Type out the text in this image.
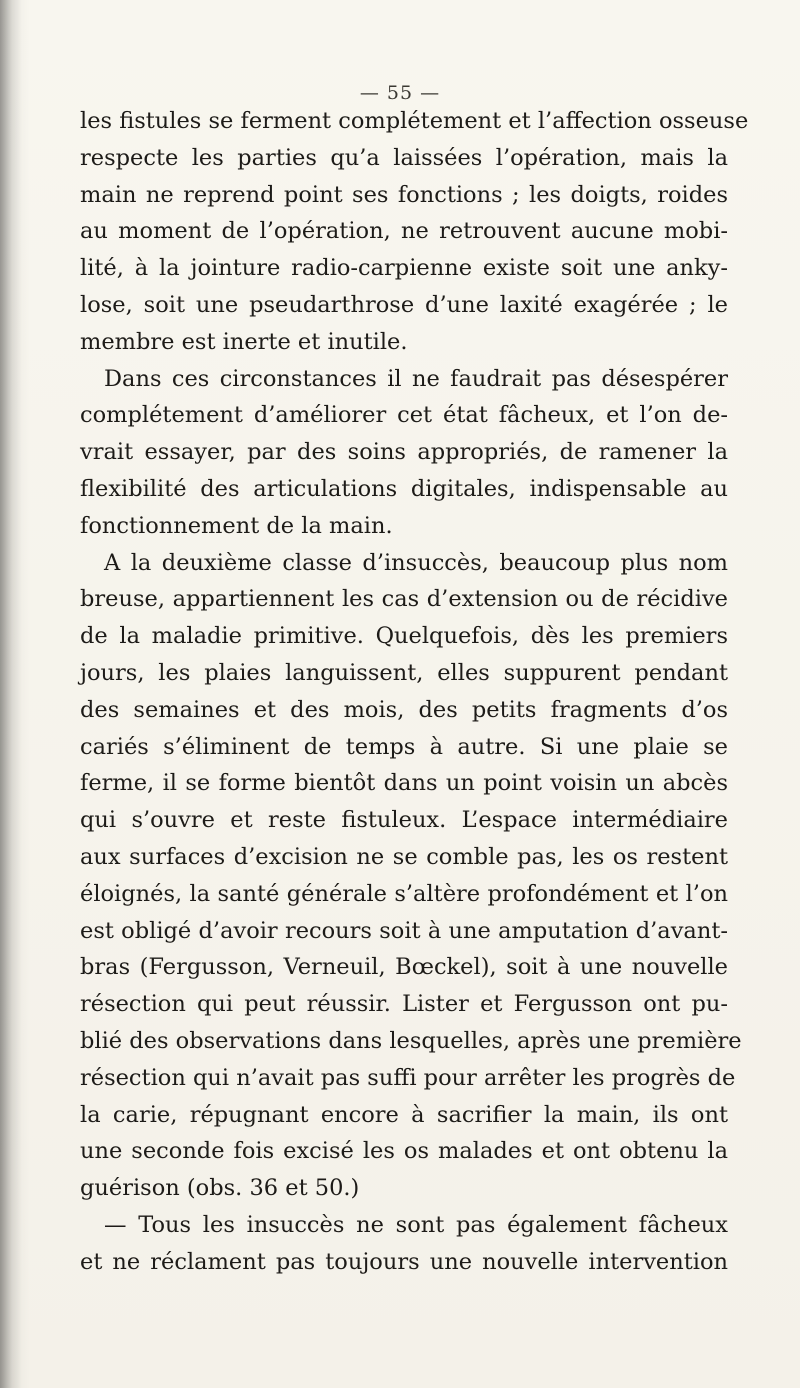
— 55 —
les fistules se ferment complétement et l’affection osseuse
respecte les parties qu’a laissées l’opération, mais la
main ne reprend point ses fonctions ; les doigts, roides
au moment de l’opération, ne retrouvent aucune mobi-
lité, à la jointure radio-carpienne existe soit une anky-
lose, soit une pseudarthrose d’une laxité exagérée ; le
membre est inerte et inutile.
Dans ces circonstances il ne faudrait pas désespérer
complétement d’améliorer cet état fâcheux, et l’on de-
vrait essayer, par des soins appropriés, de ramener la
flexibilité des articulations digitales, indispensable au
fonctionnement de la main.
A la deuxième classe d’insuccès, beaucoup plus nom
breuse, appartiennent les cas d’extension ou de récidive
de la maladie primitive. Quelquefois, dès les premiers
jours, les plaies languissent, elles suppurent pendant
des semaines et des mois, des petits fragments d’os
cariés s’éliminent de temps à autre. Si une plaie se
ferme, il se forme bientôt dans un point voisin un abcès
qui s’ouvre et reste fistuleux. L’espace intermédiaire
aux surfaces d’excision ne se comble pas, les os restent
éloignés, la santé générale s’altère profondément et l’on
est obligé d’avoir recours soit à une amputation d’avant-
bras (Fergusson, Verneuil, Bœckel), soit à une nouvelle
résection qui peut réussir. Lister et Fergusson ont pu-
blié des observations dans lesquelles, après une première
résection qui n’avait pas suffi pour arrêter les progrès de
la carie, répugnant encore à sacrifier la main, ils ont
une seconde fois excisé les os malades et ont obtenu la
guérison (obs. 36 et 50.)
— Tous les insuccès ne sont pas également fâcheux
et ne réclament pas toujours une nouvelle intervention
